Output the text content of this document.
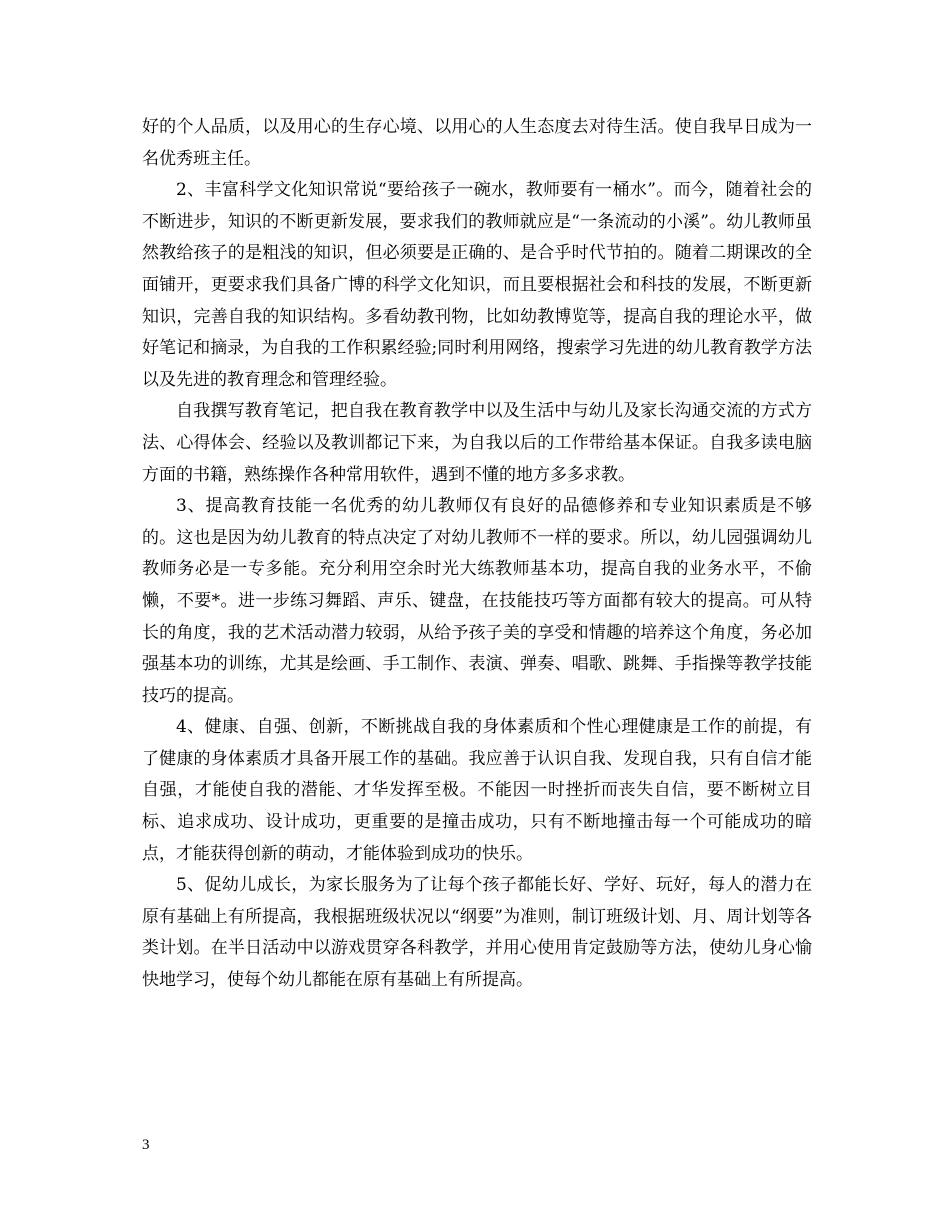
好的个人品质，以及用心的生存心境、以用心的人生态度去对待生活。使自我早日成为一名优秀班主任。

2、丰富科学文化知识常说“要给孩子一碗水，教师要有一桶水”。而今，随着社会的不断进步，知识的不断更新发展，要求我们的教师就应是“一条流动的小溪”。幼儿教师虽然教给孩子的是粗浅的知识，但必须要是正确的、是合乎时代节拍的。随着二期课改的全面铺开，更要求我们具备广博的科学文化知识，而且要根据社会和科技的发展，不断更新知识，完善自我的知识结构。多看幼教刊物，比如幼教博览等，提高自我的理论水平，做好笔记和摘录，为自我的工作积累经验;同时利用网络，搜索学习先进的幼儿教育教学方法以及先进的教育理念和管理经验。

自我撰写教育笔记，把自我在教育教学中以及生活中与幼儿及家长沟通交流的方式方法、心得体会、经验以及教训都记下来，为自我以后的工作带给基本保证。自我多读电脑方面的书籍，熟练操作各种常用软件，遇到不懂的地方多多求教。

3、提高教育技能一名优秀的幼儿教师仅有良好的品德修养和专业知识素质是不够的。这也是因为幼儿教育的特点决定了对幼儿教师不一样的要求。所以，幼儿园强调幼儿教师务必是一专多能。充分利用空余时光大练教师基本功，提高自我的业务水平，不偷懒，不要*。进一步练习舞蹈、声乐、键盘，在技能技巧等方面都有较大的提高。可从特长的角度，我的艺术活动潜力较弱，从给予孩子美的享受和情趣的培养这个角度，务必加强基本功的训练，尤其是绘画、手工制作、表演、弹奏、唱歌、跳舞、手指操等教学技能技巧的提高。

4、健康、自强、创新，不断挑战自我的身体素质和个性心理健康是工作的前提，有了健康的身体素质才具备开展工作的基础。我应善于认识自我、发现自我，只有自信才能自强，才能使自我的潜能、才华发挥至极。不能因一时挫折而丧失自信，要不断树立目标、追求成功、设计成功，更重要的是撞击成功，只有不断地撞击每一个可能成功的暗点，才能获得创新的萌动，才能体验到成功的快乐。

5、促幼儿成长，为家长服务为了让每个孩子都能长好、学好、玩好，每人的潜力在原有基础上有所提高，我根据班级状况以“纲要”为准则，制订班级计划、月、周计划等各类计划。在半日活动中以游戏贯穿各科教学，并用心使用肯定鼓励等方法，使幼儿身心愉快地学习，使每个幼儿都能在原有基础上有所提高。

3
